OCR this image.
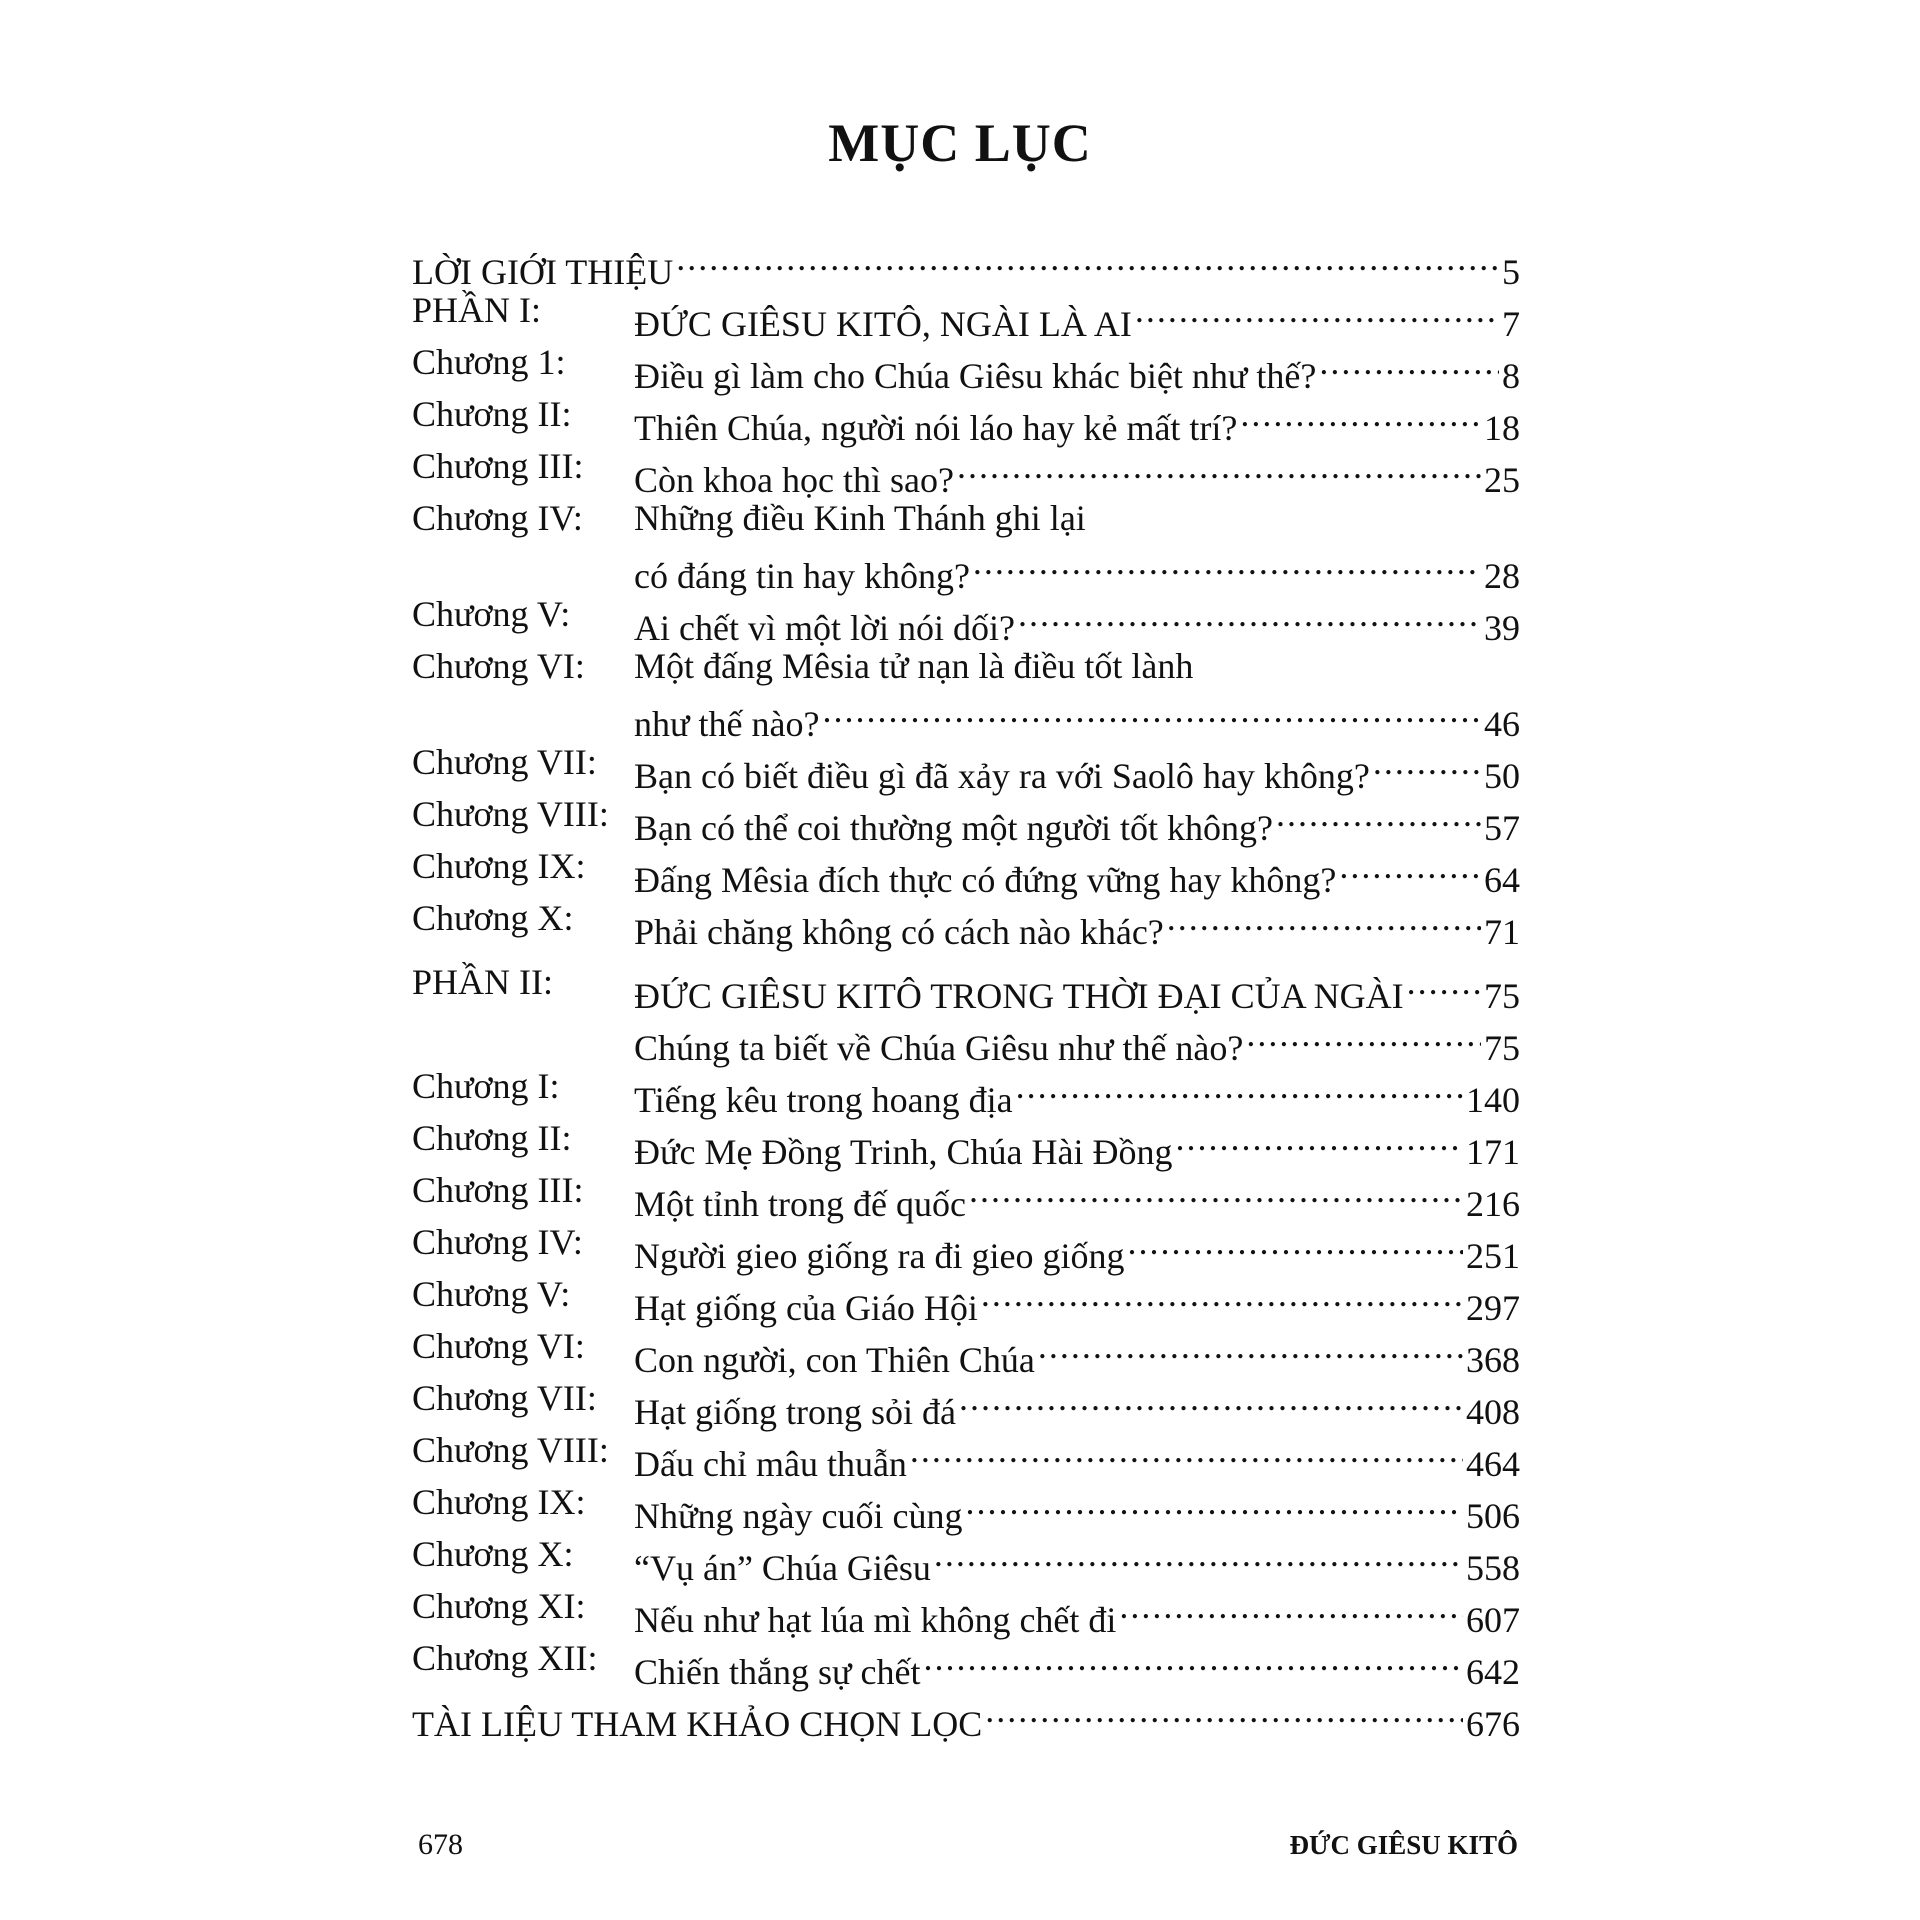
MỤC LỤC
LỜI GIỚI THIỆU .....	5
PHẦN I:	ĐỨC GIÊSU KITÔ, NGÀI LÀ AI .....	7
Chương 1: Điều gì làm cho Chúa Giêsu khác biệt như thế? .....	8
Chương II: Thiên Chúa, người nói láo hay kẻ mất trí? .....	18
Chương III: Còn khoa học thì sao? .....	25
Chương IV: Những điều Kinh Thánh ghi lại
có đáng tin hay không? .....	28
Chương V: Ai chết vì một lời nói dối? .....	39
Chương VI: Một đấng Mêsia tử nạn là điều tốt lành
như thế nào? .....	46
Chương VII: Bạn có biết điều gì đã xảy ra với Saolô hay không? .....	50
Chương VIII: Bạn có thể coi thường một người tốt không? .....	57
Chương IX: Đấng Mêsia đích thực có đứng vững hay không? .....	64
Chương X: Phải chăng không có cách nào khác? .....	71
PHẦN II: ĐỨC GIÊSU KITÔ TRONG THỜI ĐẠI CỦA NGÀI ..... 75
Chúng ta biết về Chúa Giêsu như thế nào? .....	75
Chương I: Tiếng kêu trong hoang địa .....	140
Chương II: Đức Mẹ Đồng Trinh, Chúa Hài Đồng .....	171
Chương III: Một tỉnh trong đế quốc .....	216
Chương IV: Người gieo giống ra đi gieo giống .....	251
Chương V: Hạt giống của Giáo Hội .....	297
Chương VI: Con người, con Thiên Chúa .....	368
Chương VII: Hạt giống trong sỏi đá .....	408
Chương VIII: Dấu chỉ mâu thuẫn .....	464
Chương IX: Những ngày cuối cùng .....	506
Chương X: “Vụ án” Chúa Giêsu .....	558
Chương XI: Nếu như hạt lúa mì không chết đi .....	607
Chương XII: Chiến thắng sự chết .....	642
TÀI LIỆU THAM KHẢO CHỌN LỌC .....	676
678	ĐỨC GIÊSU KITÔ
